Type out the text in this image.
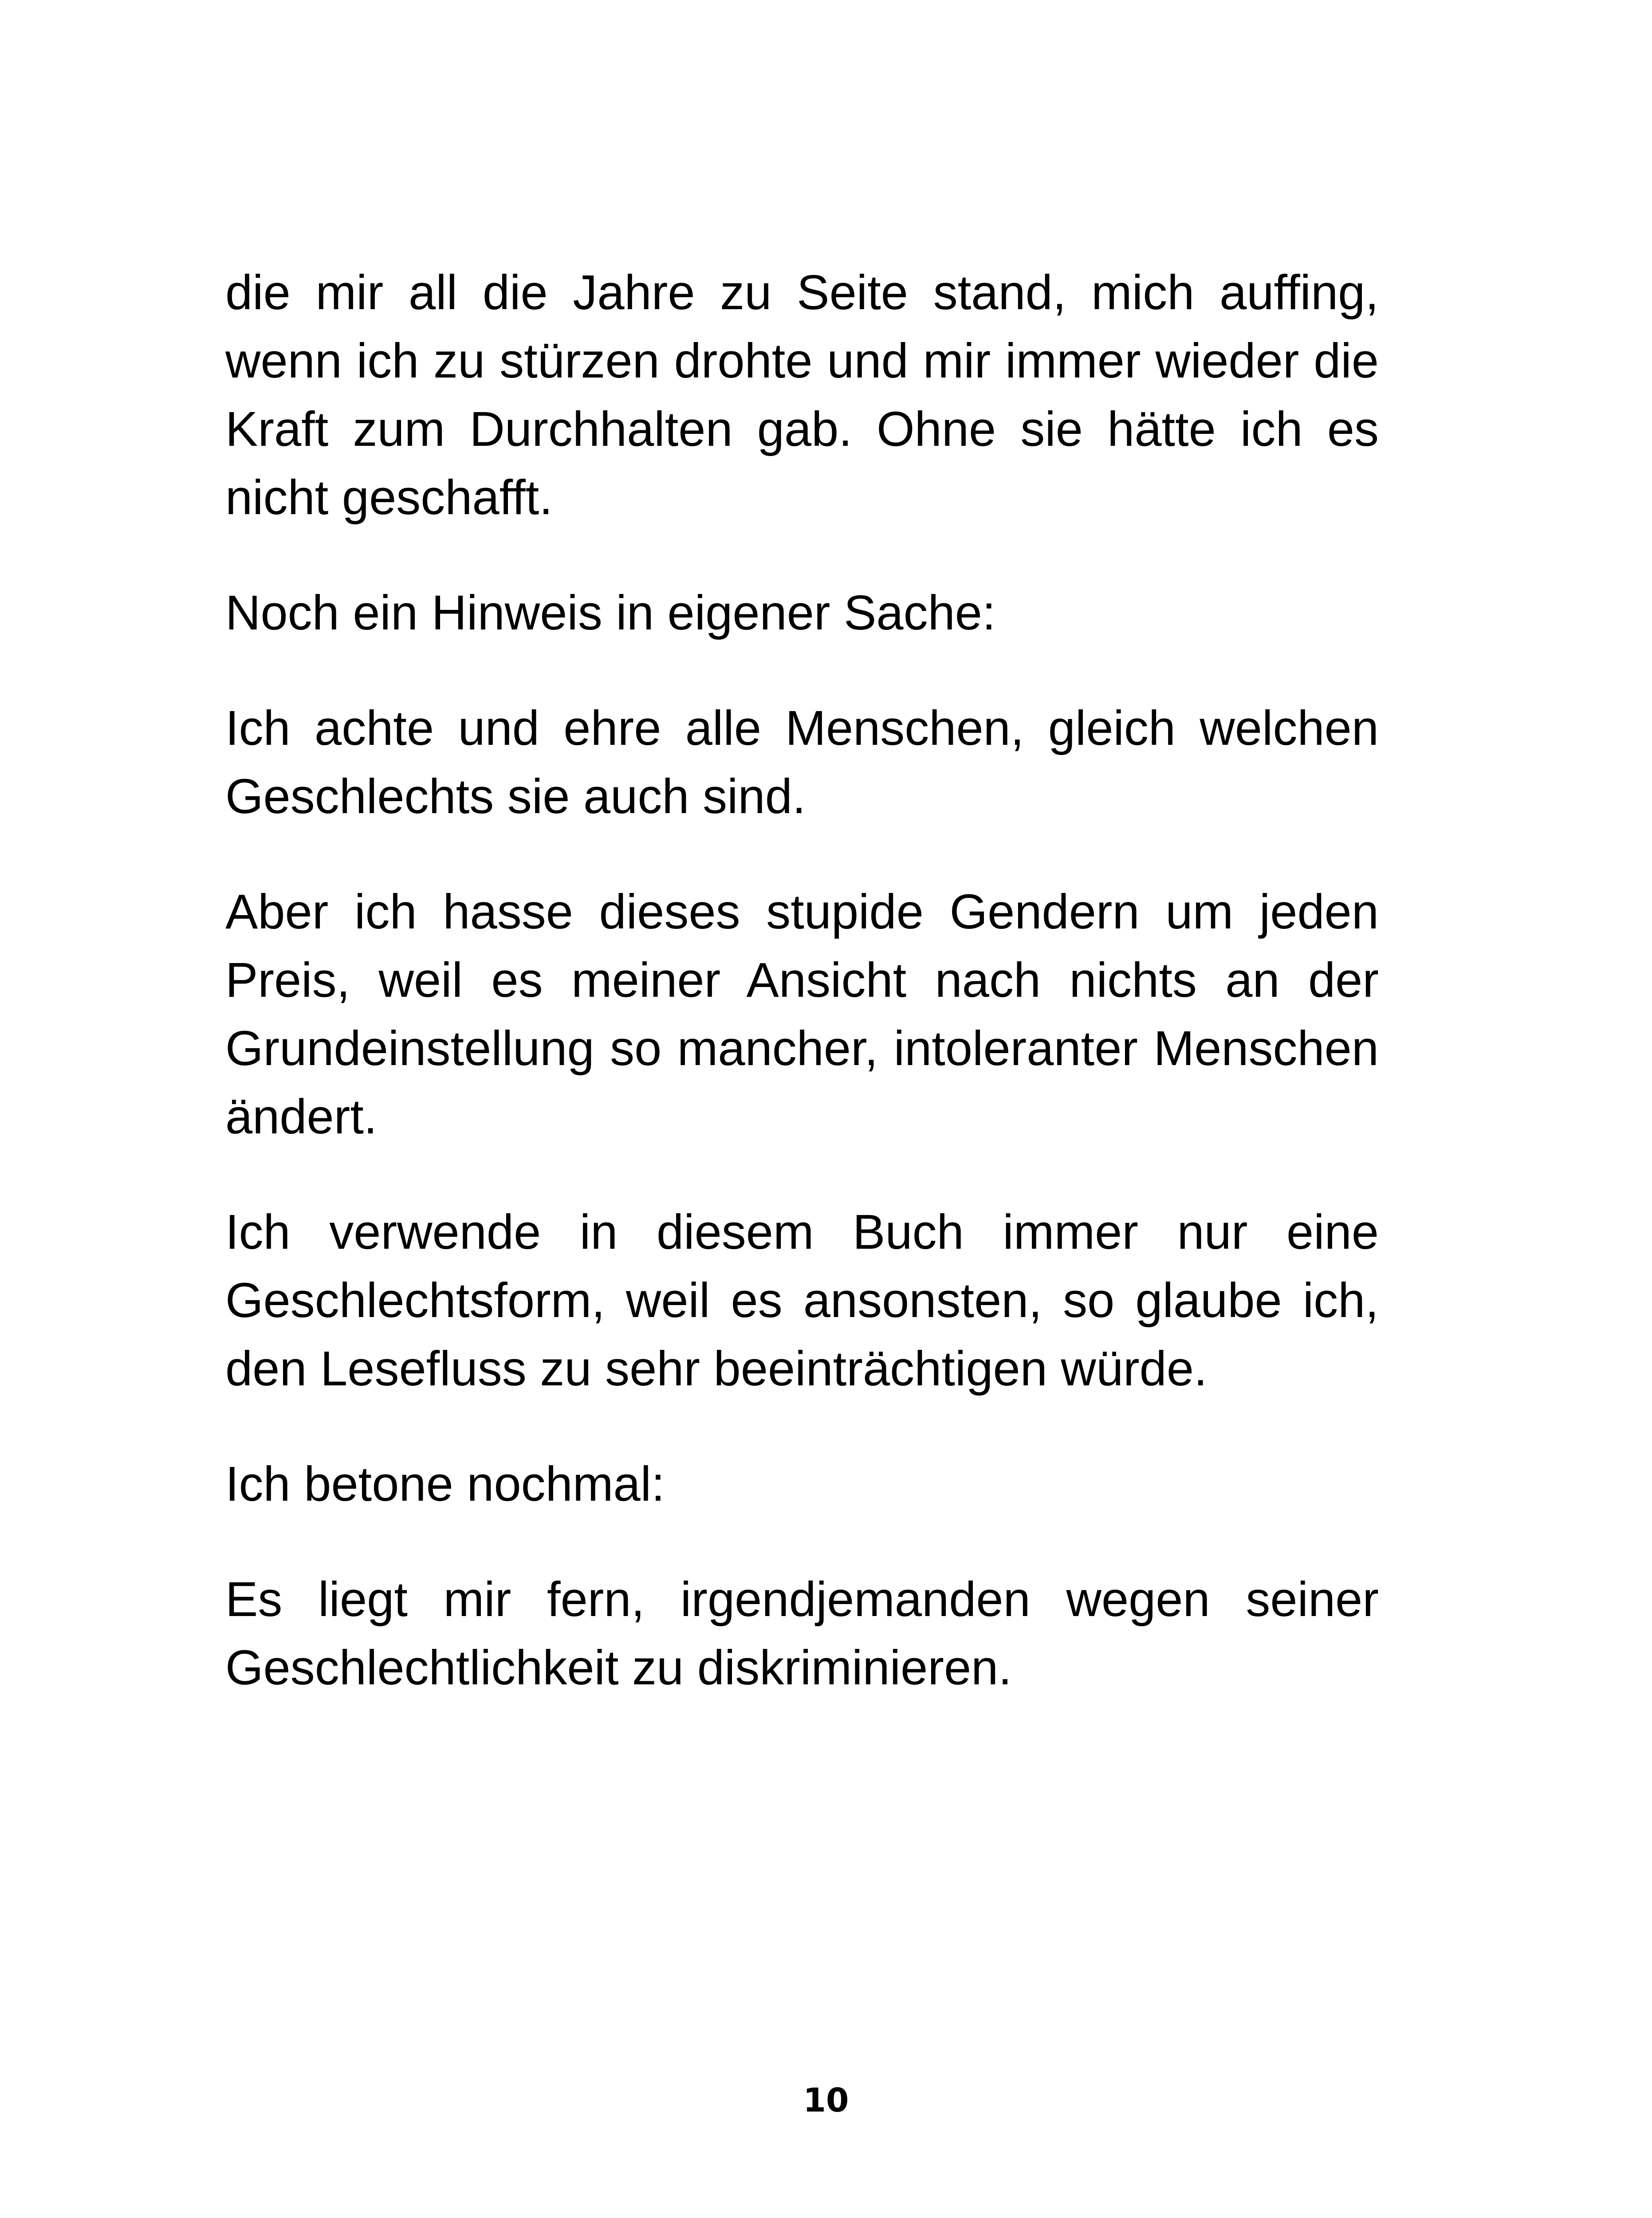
die mir all die Jahre zu Seite stand, mich auffing, wenn ich zu stürzen drohte und mir immer wieder die Kraft zum Durchhalten gab. Ohne sie hätte ich es nicht geschafft.

Noch ein Hinweis in eigener Sache:

Ich achte und ehre alle Menschen, gleich welchen Geschlechts sie auch sind.

Aber ich hasse dieses stupide Gendern um jeden Preis, weil es meiner Ansicht nach nichts an der Grundeinstellung so mancher, intoleranter Menschen ändert.

Ich verwende in diesem Buch immer nur eine Geschlechtsform, weil es ansonsten, so glaube ich, den Lesefluss zu sehr beeinträchtigen würde.

Ich betone nochmal:

Es liegt mir fern, irgendjemanden wegen seiner Geschlechtlichkeit zu diskriminieren.

10
